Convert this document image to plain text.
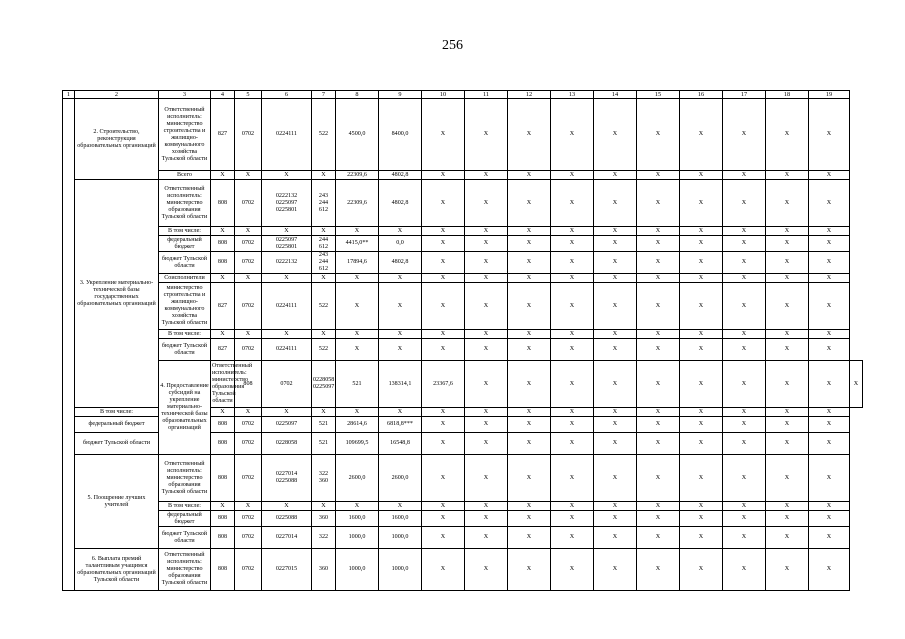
256
1	2	3	4	5	6	7	8	9	10	11	12	13	14	15	16	17	18	19	
	2. Строительство, реконструкция образовательных организаций	Ответственный исполнитель: министерство строительства и жилищно-коммунального хозяйства Тульской области	827	0702	0224111	522	4500,0	8400,0	X	X	X	X	X	X	X	X	X	X	
		Всего	X	X	X	X	22309,6	4802,8	X	X	X	X	X	X	X	X	X	X	
	3. Укрепление материально-технической базы государственных образовательных организаций	Ответственный исполнитель: министерство образования Тульской области	808	0702	0222132
0225097
0225801	243
244
612	22309,6	4802,8	X	X	X	X	X	X	X	X	X	X	
		В том числе:	X	X	X	X	X	X	X	X	X	X	X	X	X	X	X	X	
		федеральный бюджет	808	0702	0225097
0225801	244
612	4415,0**	0,0	X	X	X	X	X	X	X	X	X	X	
		бюджет Тульской области	808	0702	0222132	243
244
612	17894,6	4802,8	X	X	X	X	X	X	X	X	X	X	
		Соисполнители	X	X	X	X	X	X	X	X	X	X	X	X	X	X	X	X	
		министерство строительства и жилищно-коммунального хозяйства Тульской области	827	0702	0224111	522	X	X	X	X	X	X	X	X	X	X	X	X	
		В том числе:	X	X	X	X	X	X	X	X	X	X	X	X	X	X	X	X	
		бюджет Тульской области	827	0702	0224111	522	X	X	X	X	X	X	X	X	X	X	X	X	
		4. Предоставление субсидий на укрепление материально-технической базы образовательных организаций	Ответственный исполнитель: министерство образования Тульской области	808	0702	0228058
0225097	521	138314,1	23367,6	X	X	X	X	X	X	X	X	X	X
	В том числе:		X	X	X	X	X	X	X	X	X	X	X	X	X	X	X	X	
	федеральный бюджет		808	0702	0225097	521	28614,6	6818,8***	X	X	X	X	X	X	X	X	X	X	
	бюджет Тульской области		808	0702	0228058	521	109699,5	16548,8	X	X	X	X	X	X	X	X	X	X	
	5. Поощрение лучших учителей	Ответственный исполнитель: министерство образования Тульской области	808	0702	0227014
0225088	322
360	2600,0	2600,0	X	X	X	X	X	X	X	X	X	X	
		В том числе:	X	X	X	X	X	X	X	X	X	X	X	X	X	X	X	X	
		федеральный бюджет	808	0702	0225088	360	1600,0	1600,0	X	X	X	X	X	X	X	X	X	X	
		бюджет Тульской области	808	0702	0227014	322	1000,0	1000,0	X	X	X	X	X	X	X	X	X	X	
	6. Выплата премий талантливым учащимся образовательных организаций Тульской области	Ответственный исполнитель: министерство образования Тульской области	808	0702	0227015	360	1000,0	1000,0	X	X	X	X	X	X	X	X	X	X	
